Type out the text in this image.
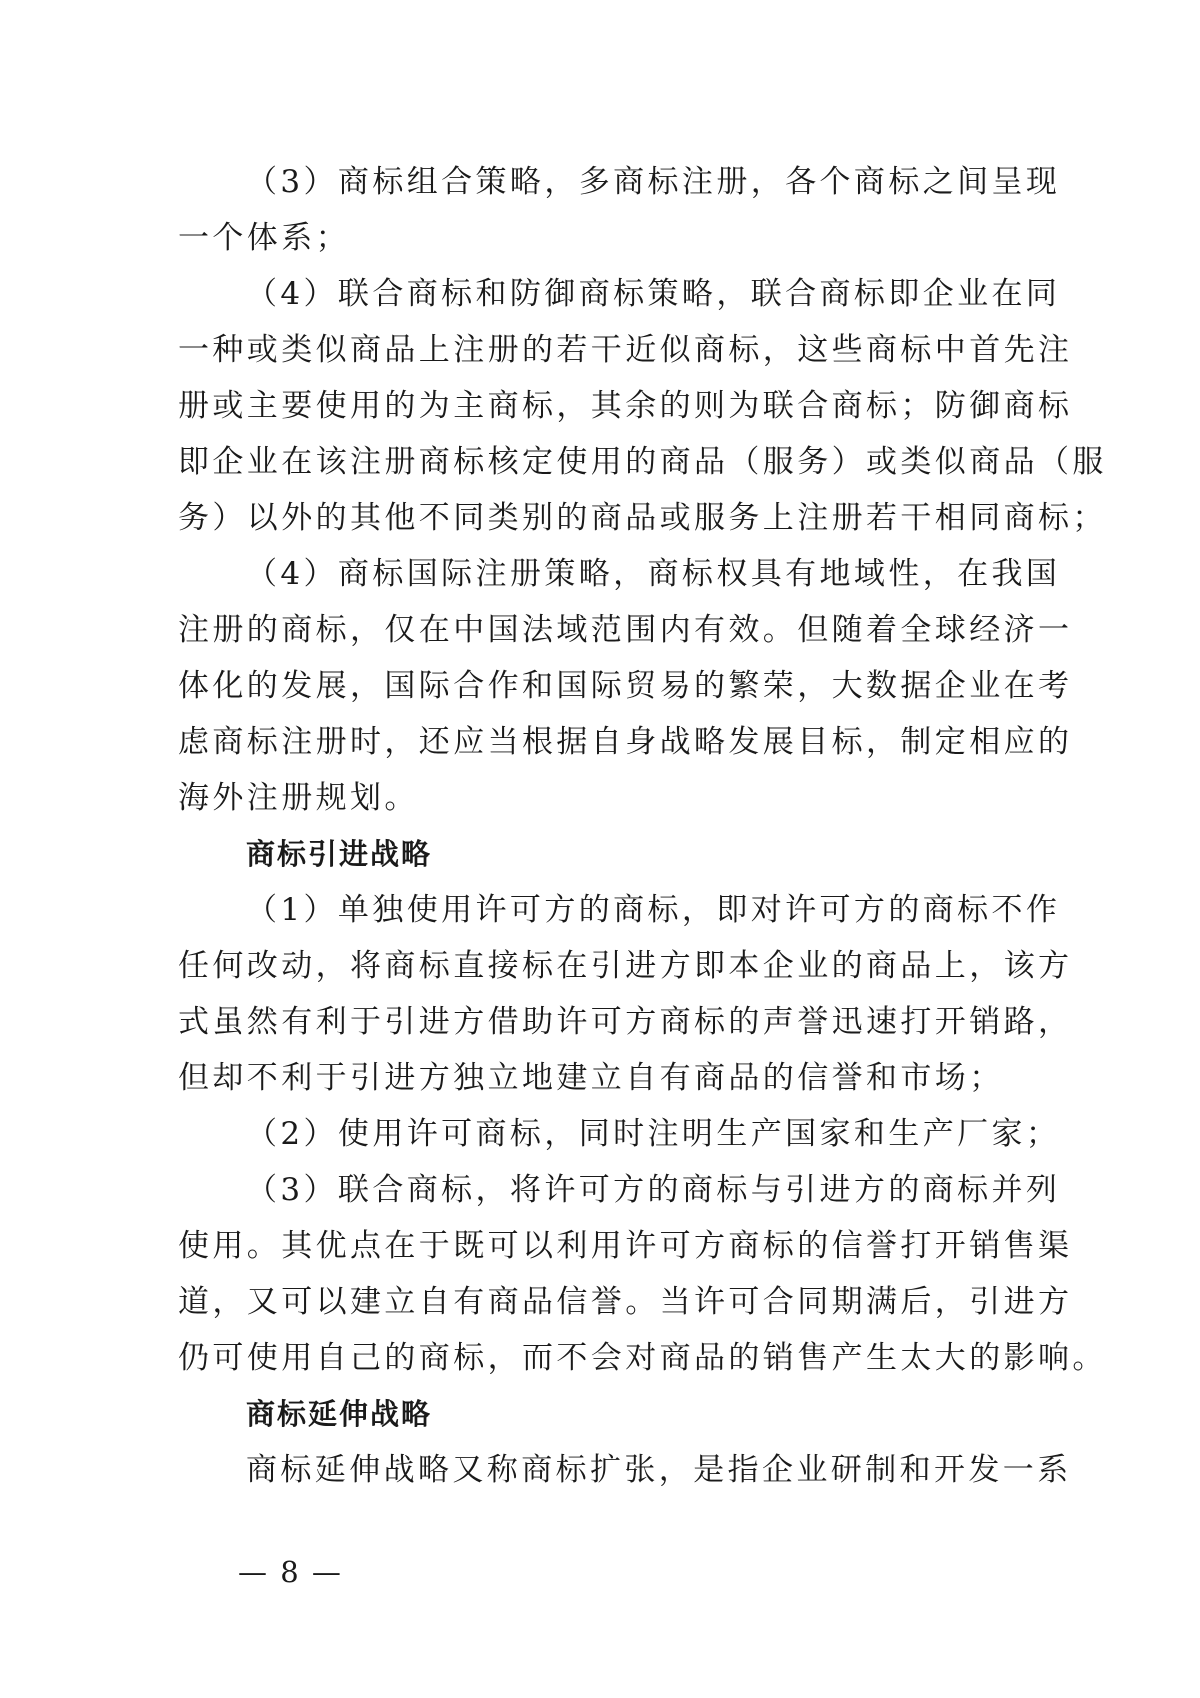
（3）商标组合策略，多商标注册，各个商标之间呈现
一个体系；
（4）联合商标和防御商标策略，联合商标即企业在同
一种或类似商品上注册的若干近似商标，这些商标中首先注
册或主要使用的为主商标，其余的则为联合商标；防御商标
即企业在该注册商标核定使用的商品（服务）或类似商品（服
务）以外的其他不同类别的商品或服务上注册若干相同商标；
（4）商标国际注册策略，商标权具有地域性，在我国
注册的商标，仅在中国法域范围内有效。但随着全球经济一
体化的发展，国际合作和国际贸易的繁荣，大数据企业在考
虑商标注册时，还应当根据自身战略发展目标，制定相应的
海外注册规划。
商标引进战略
（1）单独使用许可方的商标，即对许可方的商标不作
任何改动，将商标直接标在引进方即本企业的商品上，该方
式虽然有利于引进方借助许可方商标的声誉迅速打开销路，
但却不利于引进方独立地建立自有商品的信誉和市场；
（2）使用许可商标，同时注明生产国家和生产厂家；
（3）联合商标，将许可方的商标与引进方的商标并列
使用。其优点在于既可以利用许可方商标的信誉打开销售渠
道，又可以建立自有商品信誉。当许可合同期满后，引进方
仍可使用自己的商标，而不会对商品的销售产生太大的影响。
商标延伸战略
商标延伸战略又称商标扩张，是指企业研制和开发一系
— 8 —
